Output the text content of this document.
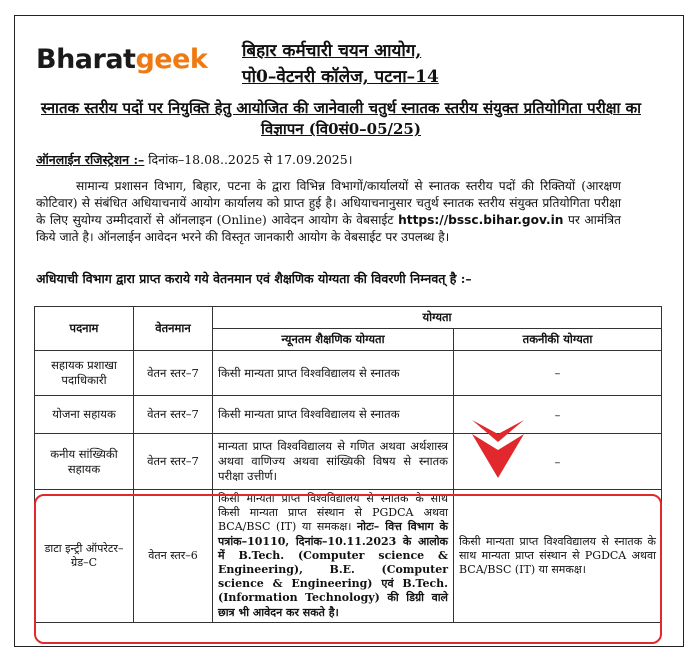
Bharatgeek बिहार कर्मचारी चयन आयोग,
पो0–वेटनरी कॉलेज, पटना–14
स्नातक स्तरीय पदों पर नियुक्ति हेतु आयोजित की जानेवाली चतुर्थ स्नातक स्तरीय संयुक्त प्रतियोगिता परीक्षा का विज्ञापन (वि0सं0–05/25)
ऑनलाईन रजिस्ट्रेशन :– दिनांक–18.08..2025 से 17.09.2025।
सामान्य प्रशासन विभाग, बिहार, पटना के द्वारा विभिन्न विभागों/कार्यालयों से स्नातक स्तरीय पदों की रिक्तियों (आरक्षण कोटिवार) से संबंधित अधियाचनायें आयोग कार्यालय को प्राप्त हुई है। अधियाचनानुसार चतुर्थ स्नातक स्तरीय संयुक्त प्रतियोगिता परीक्षा के लिए सुयोग्य उम्मीदवारों से ऑनलाइन (Online) आवेदन आयोग के वेबसाईट https://bssc.bihar.gov.in पर आमंत्रित किये जाते है। ऑनलाईन आवेदन भरने की विस्तृत जानकारी आयोग के वेबसाईट पर उपलब्ध है।
अधियाची विभाग द्वारा प्राप्त कराये गये वेतनमान एवं शैक्षणिक योग्यता की विवरणी निम्नवत् है :–
पदनाम	वेतनमान	योग्यता	
		न्यूनतम शैक्षणिक योग्यता	तकनीकी योग्यता
सहायक प्रशाखा पदाधिकारी	वेतन स्तर–7	किसी मान्यता प्राप्त विश्वविद्यालय से स्नातक	–
योजना सहायक	वेतन स्तर–7	किसी मान्यता प्राप्त विश्वविद्यालय से स्नातक	–
कनीय सांख्यिकी सहायक	वेतन स्तर–7	मान्यता प्राप्त विश्वविद्यालय से गणित अथवा अर्थशास्त्र अथवा वाणिज्य अथवा सांख्यिकी विषय से स्नातक परीक्षा उत्तीर्ण।	–
डाटा इन्ट्री ऑपरेटर–ग्रेड–C	वेतन स्तर–6	किसी मान्यता प्राप्त विश्वविद्यालय से स्नातक के साथ किसी मान्यता प्राप्त संस्थान से PGDCA अथवा BCA/BSC (IT) या समकक्ष। नोटः– वित्त विभाग के पत्रांक–10110, दिनांक–10.11.2023 के आलोक में B.Tech. (Computer science & Engineering), B.E. (Computer science & Engineering) एवं B.Tech. (Information Technology) की डिग्री वाले छात्र भी आवेदन कर सकते है।	किसी मान्यता प्राप्त विश्वविद्यालय से स्नातक के साथ मान्यता प्राप्त संस्थान से PGDCA अथवा BCA/BSC (IT) या समकक्ष।
